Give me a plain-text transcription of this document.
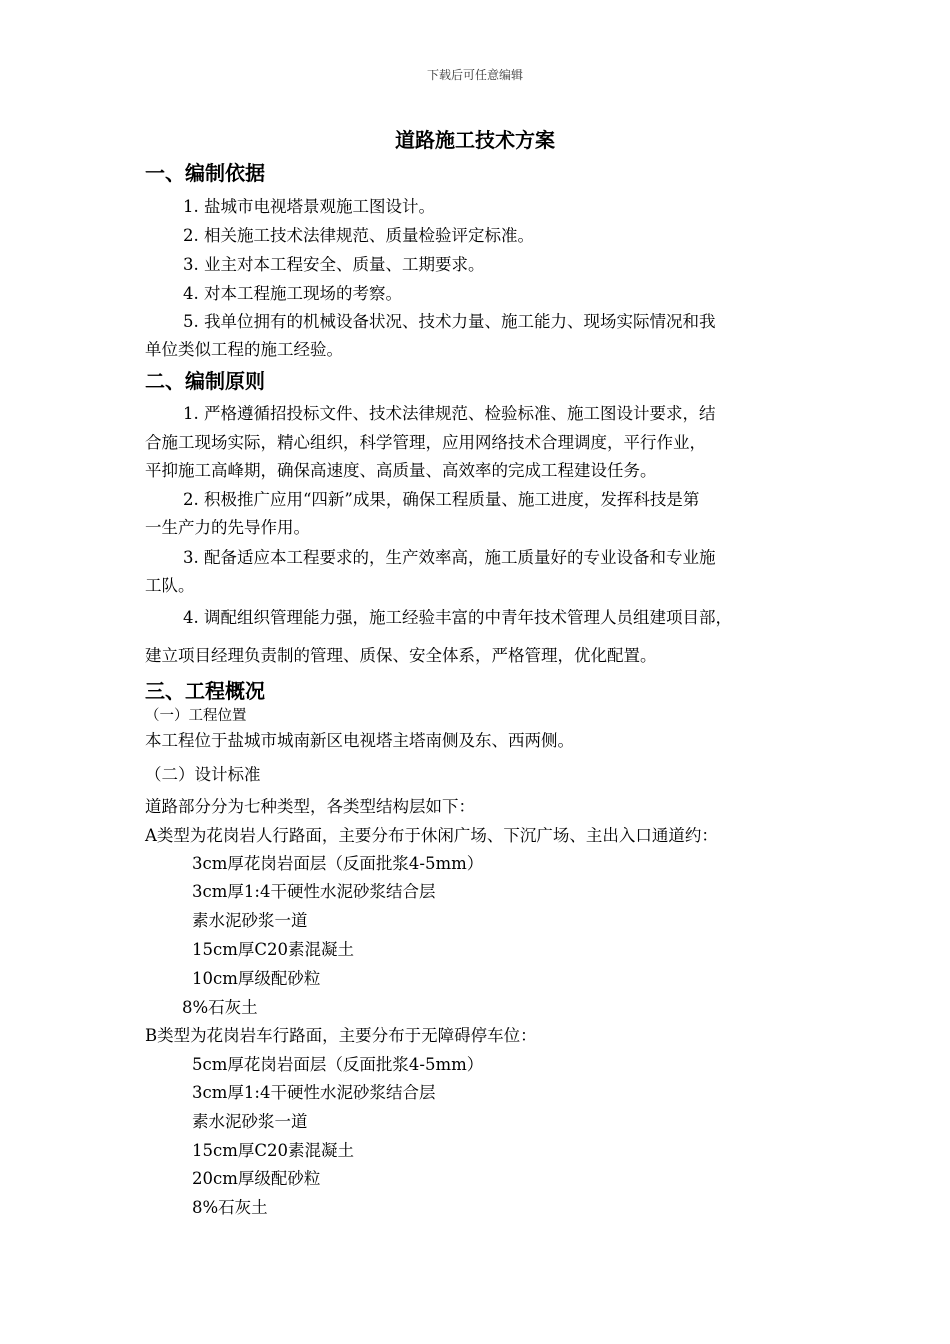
下载后可任意编辑
道路施工技术方案
一、编制依据
1. 盐城市电视塔景观施工图设计。
2. 相关施工技术法律规范、质量检验评定标准。
3. 业主对本工程安全、质量、工期要求。
4. 对本工程施工现场的考察。
5. 我单位拥有的机械设备状况、技术力量、施工能力、现场实际情况和我
单位类似工程的施工经验。
二、编制原则
1. 严格遵循招投标文件、技术法律规范、检验标准、施工图设计要求，结
合施工现场实际，精心组织，科学管理，应用网络技术合理调度，平行作业，
平抑施工高峰期，确保高速度、高质量、高效率的完成工程建设任务。
2. 积极推广应用“四新”成果，确保工程质量、施工进度，发挥科技是第
一生产力的先导作用。
3. 配备适应本工程要求的，生产效率高，施工质量好的专业设备和专业施
工队。
4. 调配组织管理能力强，施工经验丰富的中青年技术管理人员组建项目部，
建立项目经理负责制的管理、质保、安全体系，严格管理，优化配置。
三、工程概况
（一）工程位置
本工程位于盐城市城南新区电视塔主塔南侧及东、西两侧。
（二）设计标准
道路部分分为七种类型，各类型结构层如下：
A类型为花岗岩人行路面，主要分布于休闲广场、下沉广场、主出入口通道约：
3cm厚花岗岩面层（反面批浆4-5mm）
3cm厚1:4干硬性水泥砂浆结合层
素水泥砂浆一道
15cm厚C20素混凝土
10cm厚级配砂粒
8%石灰土
B类型为花岗岩车行路面，主要分布于无障碍停车位：
5cm厚花岗岩面层（反面批浆4-5mm）
3cm厚1:4干硬性水泥砂浆结合层
素水泥砂浆一道
15cm厚C20素混凝土
20cm厚级配砂粒
8%石灰土
